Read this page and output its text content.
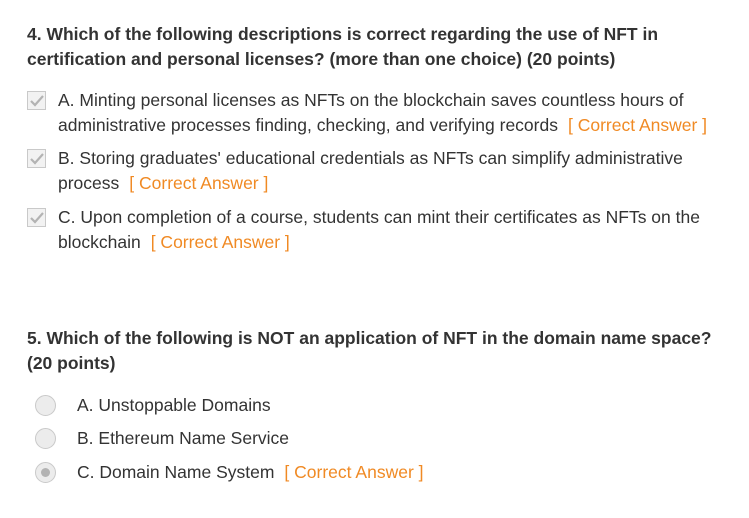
4. Which of the following descriptions is correct regarding the use of NFT in certification and personal licenses? (more than one choice) (20 points)

A. Minting personal licenses as NFTs on the blockchain saves countless hours of administrative processes finding, checking, and verifying records [ Correct Answer ]
B. Storing graduates' educational credentials as NFTs can simplify administrative process [ Correct Answer ]
C. Upon completion of a course, students can mint their certificates as NFTs on the blockchain [ Correct Answer ]

5. Which of the following is NOT an application of NFT in the domain name space? (20 points)

A. Unstoppable Domains
B. Ethereum Name Service
C. Domain Name System [ Correct Answer ]
